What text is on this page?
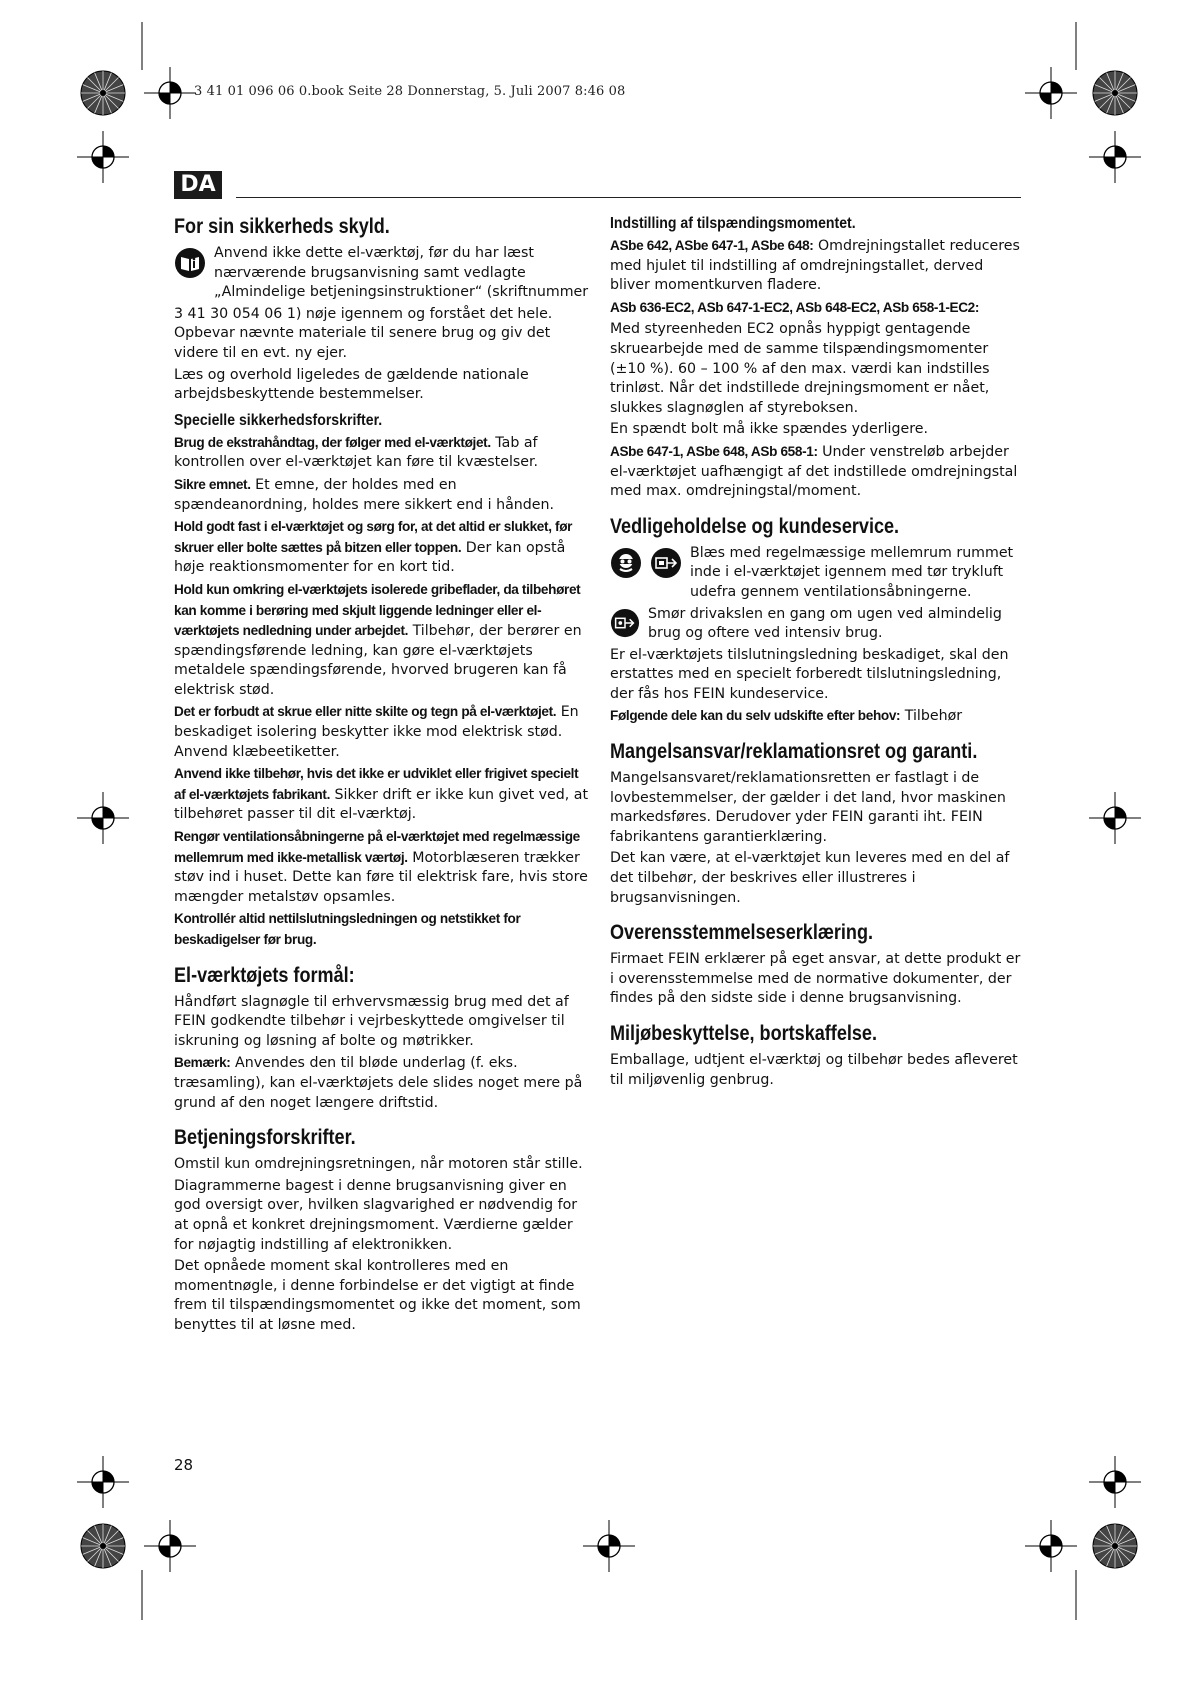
3 41 01 096 06 0.book Seite 28 Donnerstag, 5. Juli 2007 8:46 08
DA
For sin sikkerheds skyld.
Anvend ikke dette el-værktøj, før du har læst nærværende brugsanvisning samt vedlagte „Almindelige betjeningsinstruktioner“ (skriftnummer

3 41 30 054 06 1) nøje igennem og forstået det hele. Opbevar nævnte materiale til senere brug og giv det videre til en evt. ny ejer.

Læs og overhold ligeledes de gældende nationale arbejdsbeskyttende bestemmelser.

Specielle sikkerhedsforskrifter.

Brug de ekstrahåndtag, der følger med el-værktøjet. Tab af kontrollen over el-værktøjet kan føre til kvæstelser.

Sikre emnet. Et emne, der holdes med en spændeanordning, holdes mere sikkert end i hånden.

Hold godt fast i el-værktøjet og sørg for, at det altid er slukket, før skruer eller bolte sættes på bitzen eller toppen. Der kan opstå høje reaktionsmomenter for en kort tid.

Hold kun omkring el-værktøjets isolerede gribeflader, da tilbehøret kan komme i berøring med skjult liggende ledninger eller el-værktøjets nedledning under arbejdet. Tilbehør, der berører en spændingsførende ledning, kan gøre el-værktøjets metaldele spændingsførende, hvorved brugeren kan få elektrisk stød.

Det er forbudt at skrue eller nitte skilte og tegn på el-værktøjet. En beskadiget isolering beskytter ikke mod elektrisk stød. Anvend klæbeetiketter.

Anvend ikke tilbehør, hvis det ikke er udviklet eller frigivet specielt af el-værktøjets fabrikant. Sikker drift er ikke kun givet ved, at tilbehøret passer til dit el-værktøj.

Rengør ventilationsåbningerne på el-værktøjet med regelmæssige mellemrum med ikke-metallisk værtøj. Motorblæseren trækker støv ind i huset. Dette kan føre til elektrisk fare, hvis store mængder metalstøv opsamles.

Kontrollér altid nettilslutningsledningen og netstikket for beskadigelser før brug.

El-værktøjets formål:

Håndført slagnøgle til erhvervsmæssig brug med det af FEIN godkendte tilbehør i vejrbeskyttede omgivelser til iskruning og løsning af bolte og møtrikker.

Bemærk: Anvendes den til bløde underlag (f. eks. træsamling), kan el-værktøjets dele slides noget mere på grund af den noget længere driftstid.

Betjeningsforskrifter.

Omstil kun omdrejningsretningen, når motoren står stille.

Diagrammerne bagest i denne brugsanvisning giver en god oversigt over, hvilken slagvarighed er nødvendig for at opnå et konkret drejningsmoment. Værdierne gælder for nøjagtig indstilling af elektronikken.

Det opnåede moment skal kontrolleres med en momentnøgle, i denne forbindelse er det vigtigt at finde frem til tilspændingsmomentet og ikke det moment, som benyttes til at løsne med.

Indstilling af tilspændingsmomentet.

ASbe 642, ASbe 647-1, ASbe 648: Omdrejningstallet reduceres med hjulet til indstilling af omdrejningstallet, derved bliver momentkurven fladere.

ASb 636-EC2, ASb 647-1-EC2, ASb 648-EC2, ASb 658-1-EC2:

Med styreenheden EC2 opnås hyppigt gentagende skruearbejde med de samme tilspændingsmomenter (±10 %). 60 – 100 % af den max. værdi kan indstilles trinløst. Når det indstillede drejningsmoment er nået, slukkes slagnøglen af styreboksen.

En spændt bolt må ikke spændes yderligere.

ASbe 647-1, ASbe 648, ASb 658-1: Under venstreløb arbejder el-værktøjet uafhængigt af det indstillede omdrejningstal med max. omdrejningstal/moment.

Vedligeholdelse og kundeservice.
Blæs med regelmæssige mellemrum rummet inde i el-værktøjet igennem med tør trykluft udefra gennem ventilationsåbningerne.
Smør drivakslen en gang om ugen ved almindelig brug og oftere ved intensiv brug.

Er el-værktøjets tilslutningsledning beskadiget, skal den erstattes med en specielt forberedt tilslutningsledning, der fås hos FEIN kundeservice.

Følgende dele kan du selv udskifte efter behov: Tilbehør

Mangelsansvar/reklamationsret og garanti.

Mangelsansvaret/reklamationsretten er fastlagt i de lovbestemmelser, der gælder i det land, hvor maskinen markedsføres. Derudover yder FEIN garanti iht. FEIN fabrikantens garantierklæring.

Det kan være, at el-værktøjet kun leveres med en del af det tilbehør, der beskrives eller illustreres i brugsanvisningen.

Overensstemmelseserklæring.

Firmaet FEIN erklærer på eget ansvar, at dette produkt er i overensstemmelse med de normative dokumenter, der findes på den sidste side i denne brugsanvisning.

Miljøbeskyttelse, bortskaffelse.

Emballage, udtjent el-værktøj og tilbehør bedes afleveret til miljøvenlig genbrug.

28
